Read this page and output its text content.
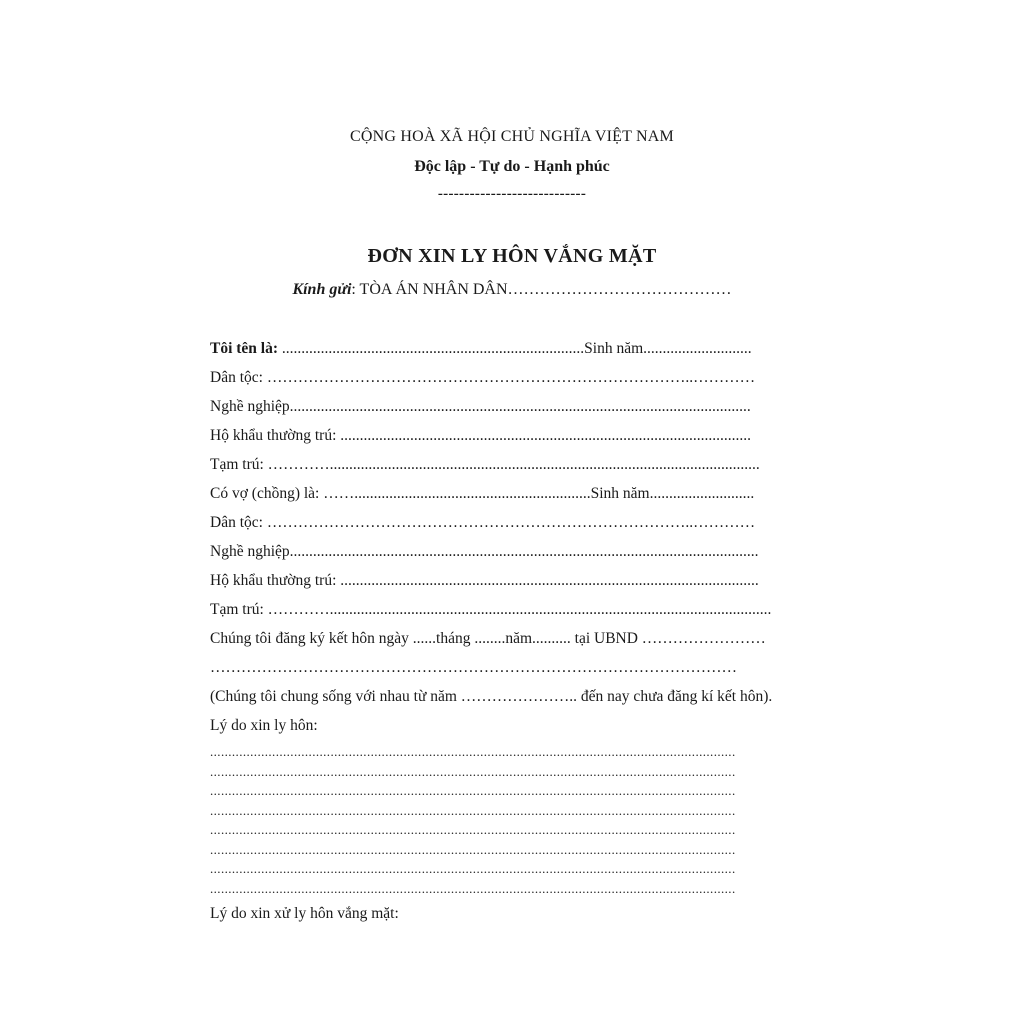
CỘNG HOÀ XÃ HỘI CHỦ NGHĨA VIỆT NAM
Độc lập - Tự do - Hạnh phúc
----------------------------
ĐƠN XIN LY HÔN VẮNG MẶT
Kính gửi: TÒA ÁN NHÂN DÂN……………………………………
Tôi tên là: ..............................................................................Sinh năm............................
Dân tộc: ………………………………………………………………………..…………
Nghề nghiệp.......................................................................................................................
Hộ khẩu thường trú: ..........................................................................................................
Tạm trú: …………...............................................................................................................
Có vợ (chồng) là: …….............................................................Sinh năm...........................
Dân tộc: ………………………………………………………………………..…………
Nghề nghiệp.........................................................................................................................
Hộ khẩu thường trú: ............................................................................................................
Tạm trú: …………..................................................................................................................
Chúng tôi đăng ký kết hôn ngày ......tháng ........năm.......... tại UBND ……………………
…………………………………………………………………………………………
(Chúng tôi chung sống với nhau từ năm ………………….. đến nay chưa đăng kí kết hôn).
Lý do xin ly hôn:
................................................................................................................................................
................................................................................................................................................
................................................................................................................................................
................................................................................................................................................
................................................................................................................................................
................................................................................................................................................
................................................................................................................................................
................................................................................................................................................
Lý do xin xử ly hôn vắng mặt:
